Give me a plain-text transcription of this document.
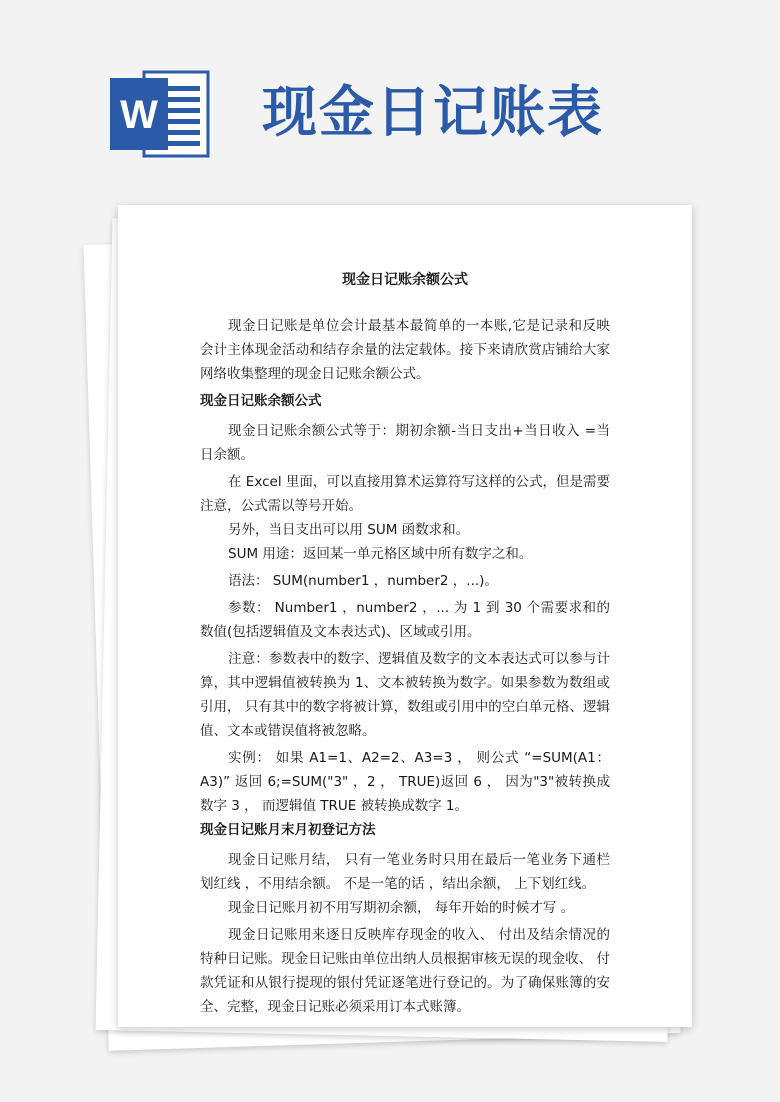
W 现金日记账表
现金日记账余额公式
现金日记账是单位会计最基本最简单的一本账,它是记录和反映会计主体现金活动和结存余量的法定载体。接下来请欣赏店铺给大家网络收集整理的现金日记账余额公式。
现金日记账余额公式
现金日记账余额公式等于：期初余额-当日支出+当日收入 =当日余额。
在 Excel 里面，可以直接用算术运算符写这样的公式，但是需要注意，公式需以等号开始。
另外，当日支出可以用 SUM 函数求和。
SUM 用途：返回某一单元格区域中所有数字之和。
语法： SUM(number1 ，number2 ，...)。
参数： Number1 ，number2 ，... 为 1 到 30 个需要求和的数值(包括逻辑值及文本表达式)、区域或引用。
注意：参数表中的数字、逻辑值及数字的文本表达式可以参与计算，其中逻辑值被转换为 1、文本被转换为数字。如果参数为数组或引用， 只有其中的数字将被计算，数组或引用中的空白单元格、逻辑值、文本或错误值将被忽略。
实例： 如果 A1=1、A2=2、A3=3 ， 则公式 “=SUM(A1：A3)” 返回 6;=SUM("3" ，2 ， TRUE)返回 6 ， 因为"3"被转换成数字 3 ， 而逻辑值 TRUE 被转换成数字 1。
现金日记账月末月初登记方法
现金日记账月结， 只有一笔业务时只用在最后一笔业务下通栏划红线 ，不用结余额。 不是一笔的话 ，结出余额， 上下划红线。
现金日记账月初不用写期初余额， 每年开始的时候才写 。
现金日记账用来逐日反映库存现金的收入、 付出及结余情况的特种日记账。现金日记账由单位出纳人员根据审核无误的现金收、 付款凭证和从银行提现的银付凭证逐笔进行登记的。为了确保账簿的安全、完整，现金日记账必须采用订本式账簿。
